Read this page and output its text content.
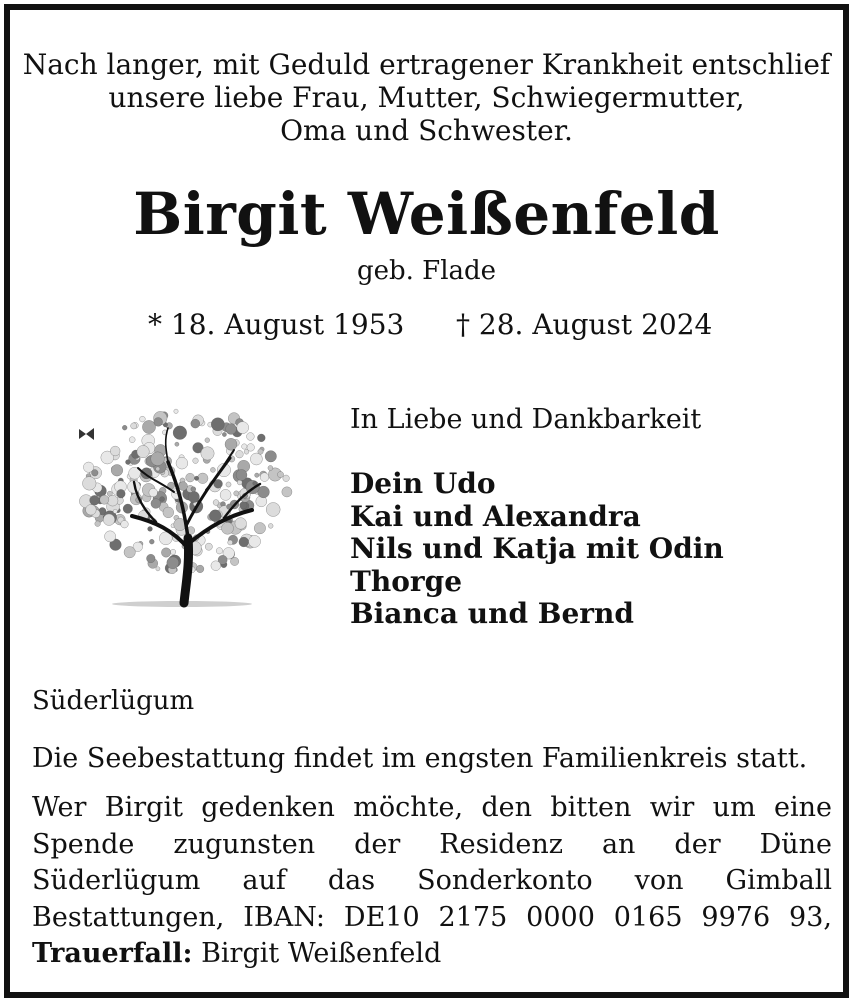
Nach langer, mit Geduld ertragener Krankheit entschlief
unsere liebe Frau, Mutter, Schwiegermutter,
Oma und Schwester.
Birgit Weißenfeld
geb. Flade
* 18. August 1953 † 28. August 2024
In Liebe und Dankbarkeit
Dein Udo
Kai und Alexandra
Nils und Katja mit Odin
Thorge
Bianca und Bernd
Süderlügum
Die Seebestattung findet im engsten Familienkreis statt.
Wer Birgit gedenken möchte, den bitten wir um eine
Spende zugunsten der Residenz an der Düne
Süderlügum auf das Sonderkonto von Gimball
Bestattungen, IBAN: DE10 2175 0000 0165 9976 93,
Trauerfall: Birgit Weißenfeld
